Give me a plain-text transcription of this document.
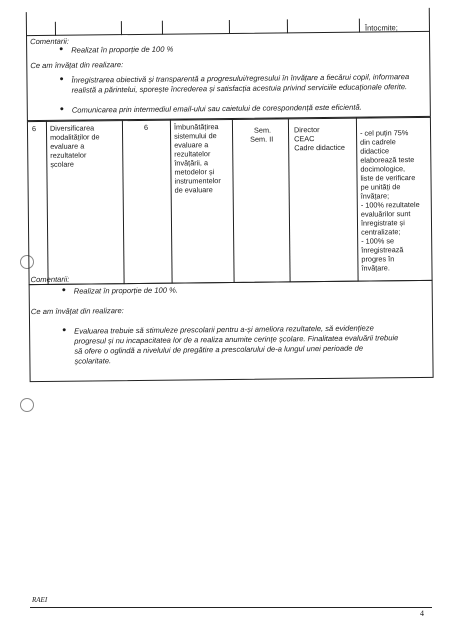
Întocmite;
Comentarii:
● Realizat în proporție de 100 %
Ce am învățat din realizare:
● Înregistrarea obiectivă și transparentă a progresului/regresului în învățare a fiecărui copil, informarea
realistă a părintelui, sporește încrederea și satisfacția acestuia privind serviciile educaționale oferite.
● Comunicarea prin intermediul email-ului sau caietului de corespondență este eficientă.
6 Diversificarea
modalităților de
evaluare a
rezultatelor
școlare
6	Îmbunătățirea
sistemului de
evaluare a
rezultatelor
învățării, a
metodelor și
instrumentelor
de evaluare
Sem.
Sem. II
Director
CEAC
Cadre didactice
- cel puțin 75%
din cadrele
didactice
elaborează teste
docimologice,
liste de verificare
pe unități de
învățare;
- 100% rezultatele
evaluărilor sunt
înregistrate și
centralizate;
- 100% se
înregistrează
progres în
învățare.
Comentarii:
● Realizat în proporție de 100 %.
Ce am învățat din realizare:
● Evaluarea trebuie să stimuleze prescolarii pentru a-și ameliora rezultatele, să evidențieze
progresul și nu incapacitatea lor de a realiza anumite cerințe școlare. Finalitatea evaluării trebuie
să ofere o oglindă a nivelului de pregătire a prescolarului de-a lungul unei perioade de
școlaritate.
RAEI
4
